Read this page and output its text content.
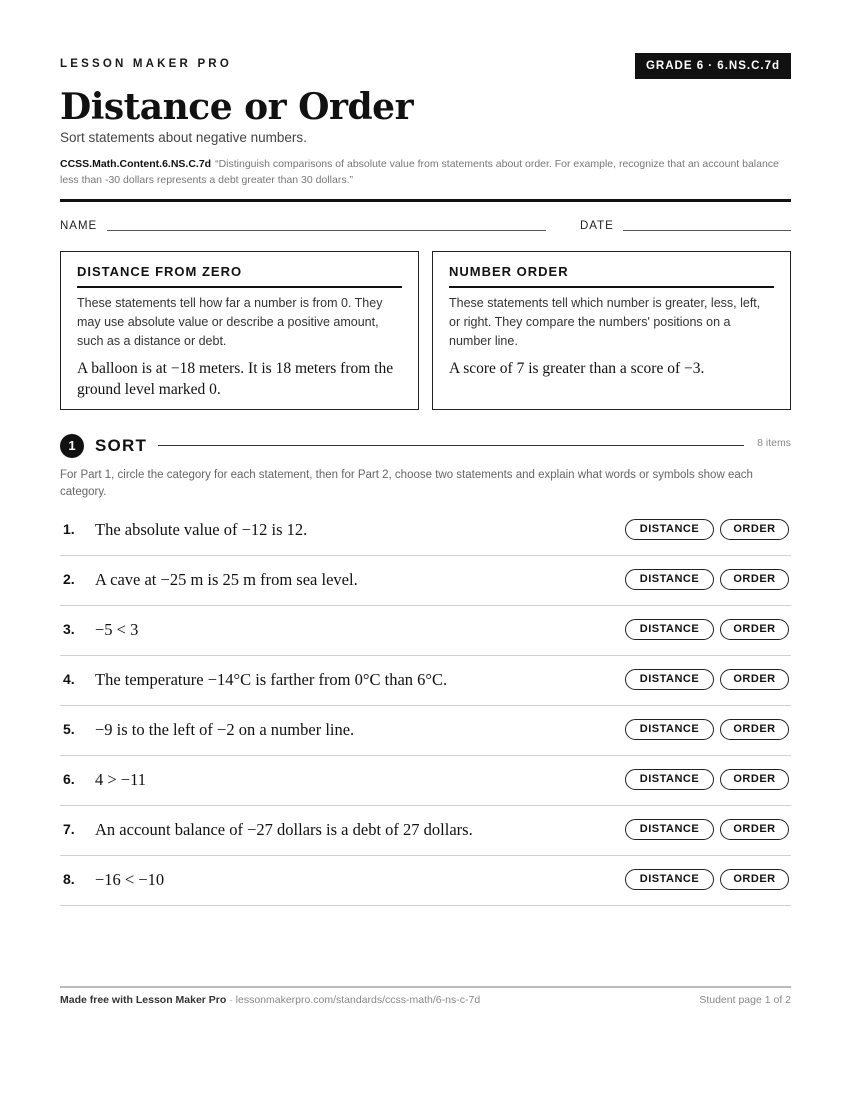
LESSON MAKER PRO	GRADE 6 · 6.NS.C.7d
Distance or Order
Sort statements about negative numbers.
CCSS.Math.Content.6.NS.C.7d “Distinguish comparisons of absolute value from statements about order. For example, recognize that an account balance less than -30 dollars represents a debt greater than 30 dollars.”
NAME	DATE
DISTANCE FROM ZERO
These statements tell how far a number is from 0. They may use absolute value or describe a positive amount, such as a distance or debt.
A balloon is at −18 meters. It is 18 meters from the ground level marked 0.
NUMBER ORDER
These statements tell which number is greater, less, left, or right. They compare the numbers' positions on a number line.
A score of 7 is greater than a score of −3.
1	SORT	8 items
For Part 1, circle the category for each statement, then for Part 2, choose two statements and explain what words or symbols show each category.
1. The absolute value of −12 is 12.	DISTANCE	ORDER
2. A cave at −25 m is 25 m from sea level.	DISTANCE	ORDER
3. −5 < 3	DISTANCE	ORDER
4. The temperature −14°C is farther from 0°C than 6°C.	DISTANCE	ORDER
5. −9 is to the left of −2 on a number line.	DISTANCE	ORDER
6. 4 > −11	DISTANCE	ORDER
7. An account balance of −27 dollars is a debt of 27 dollars.	DISTANCE	ORDER
8. −16 < −10	DISTANCE	ORDER
Made free with Lesson Maker Pro · lessonmakerpro.com/standards/ccss-math/6-ns-c-7d	Student page 1 of 2
